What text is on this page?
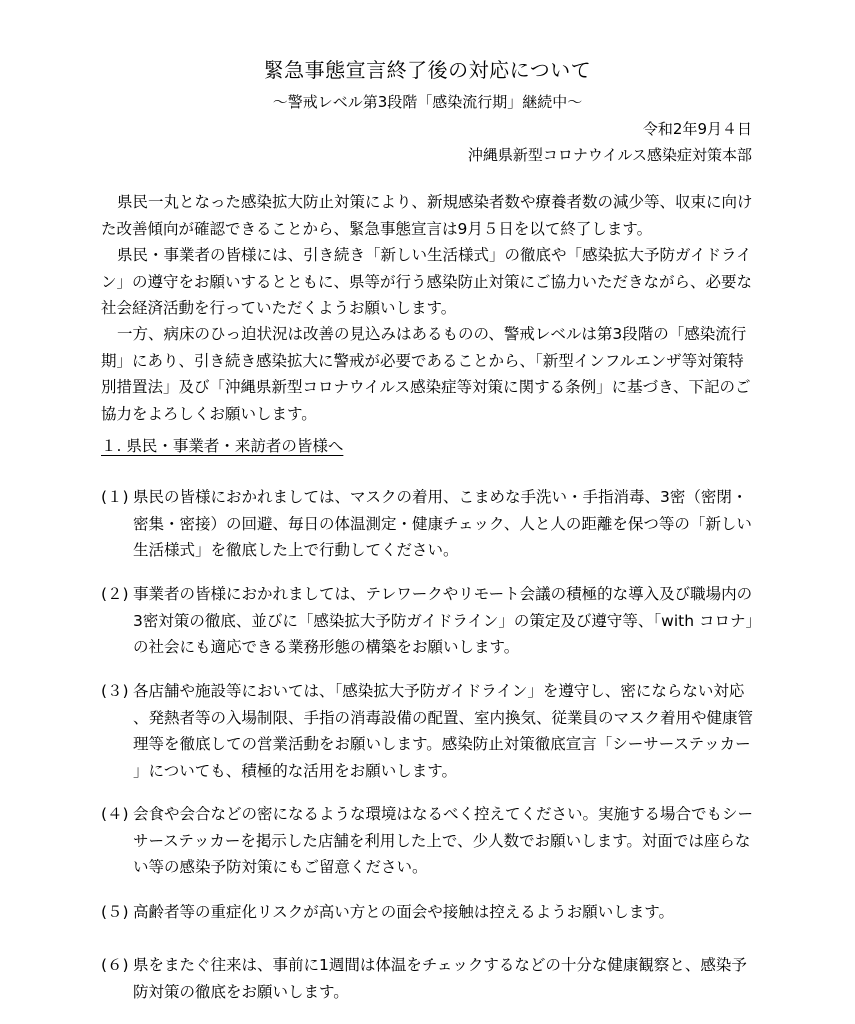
緊急事態宣言終了後の対応について
～警戒レベル第3段階「感染流行期」継続中～
令和2年9月４日
沖縄県新型コロナウイルス感染症対策本部

県民一丸となった感染拡大防止対策により、新規感染者数や療養者数の減少等、収束に向けた改善傾向が確認できることから、緊急事態宣言は9月５日を以て終了します。

県民・事業者の皆様には、引き続き「新しい生活様式」の徹底や「感染拡大予防ガイドライン」の遵守をお願いするとともに、県等が行う感染防止対策にご協力いただきながら、必要な社会経済活動を行っていただくようお願いします。

一方、病床のひっ迫状況は改善の見込みはあるものの、警戒レベルは第3段階の「感染流行期」にあり、引き続き感染拡大に警戒が必要であることから、「新型インフルエンザ等対策特別措置法」及び「沖縄県新型コロナウイルス感染症等対策に関する条例」に基づき、下記のご協力をよろしくお願いします。

１. 県民・事業者・来訪者の皆様へ
(１) 県民の皆様におかれましては、マスクの着用、こまめな手洗い・手指消毒、3密（密閉・密集・密接）の回避、毎日の体温測定・健康チェック、人と人の距離を保つ等の「新しい生活様式」を徹底した上で行動してください。
(２) 事業者の皆様におかれましては、テレワークやリモート会議の積極的な導入及び職場内の3密対策の徹底、並びに「感染拡大予防ガイドライン」の策定及び遵守等、「with コロナ」の社会にも適応できる業務形態の構築をお願いします。
(３) 各店舗や施設等においては、「感染拡大予防ガイドライン」を遵守し、密にならない対応、発熱者等の入場制限、手指の消毒設備の配置、室内換気、従業員のマスク着用や健康管理等を徹底しての営業活動をお願いします。感染防止対策徹底宣言「シーサーステッカー」についても、積極的な活用をお願いします。
(４) 会食や会合などの密になるような環境はなるべく控えてください。実施する場合でもシーサーステッカーを掲示した店舗を利用した上で、少人数でお願いします。対面では座らない等の感染予防対策にもご留意ください。
(５) 高齢者等の重症化リスクが高い方との面会や接触は控えるようお願いします。
(６) 県をまたぐ往来は、事前に1週間は体温をチェックするなどの十分な健康観察と、感染予防対策の徹底をお願いします。
